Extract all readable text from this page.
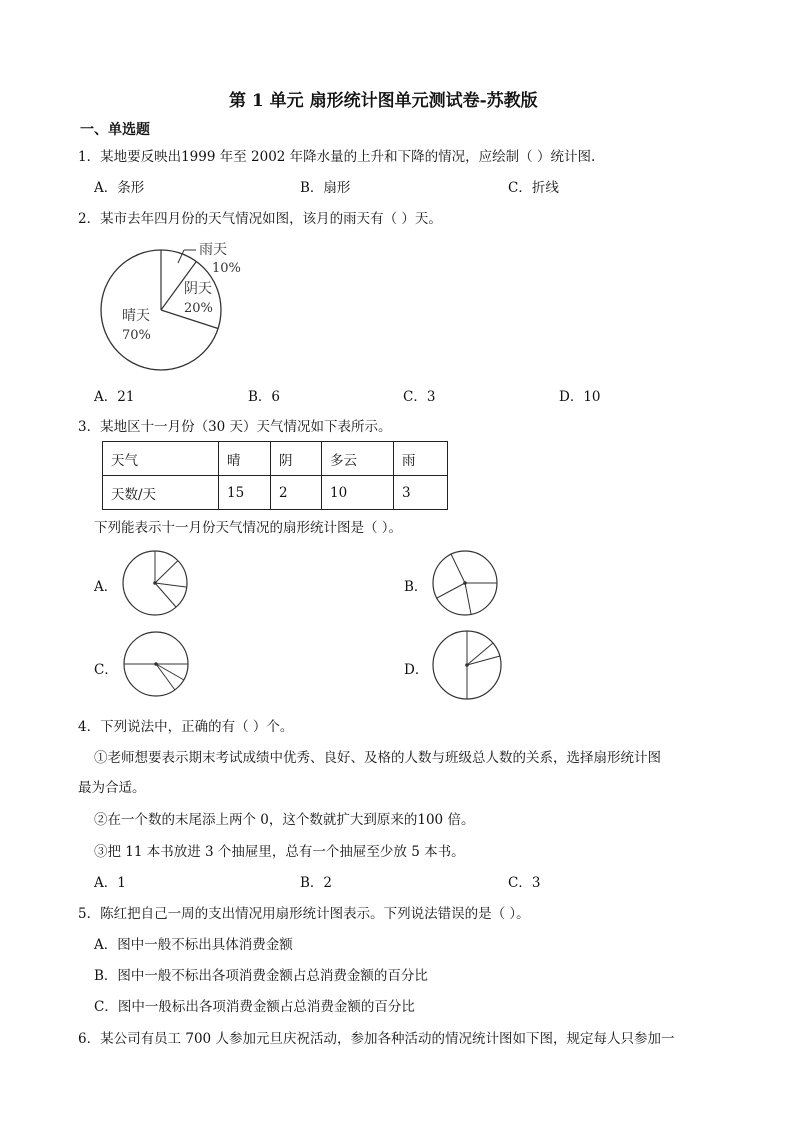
第 1 单元 扇形统计图单元测试卷-苏教版
一、单选题
1．某地要反映出1999 年至 2002 年降水量的上升和下降的情况，应绘制（ ）统计图.
A．条形	B．扇形	C．折线
2．某市去年四月份的天气情况如图，该月的雨天有（ ）天。
雨天
10%
阴天
20%
晴天
70%
A．21	B．6	C．3	D．10
3．某地区十一月份（30 天）天气情况如下表所示。
天气	晴	阴	多云	雨
天数/天	15	2	10	3
下列能表示十一月份天气情况的扇形统计图是（ ）。
A．	B．
C．	D．
4．下列说法中，正确的有（ ）个。
①老师想要表示期末考试成绩中优秀、良好、及格的人数与班级总人数的关系，选择扇形统计图
最为合适。
②在一个数的末尾添上两个 0，这个数就扩大到原来的100 倍。
③把 11 本书放进 3 个抽屉里，总有一个抽屉至少放 5 本书。
A．1	B．2	C．3
5．陈红把自己一周的支出情况用扇形统计图表示。下列说法错误的是（ ）。
A．图中一般不标出具体消费金额
B．图中一般不标出各项消费金额占总消费金额的百分比
C．图中一般标出各项消费金额占总消费金额的百分比
6．某公司有员工 700 人参加元旦庆祝活动，参加各种活动的情况统计图如下图，规定每人只参加一
